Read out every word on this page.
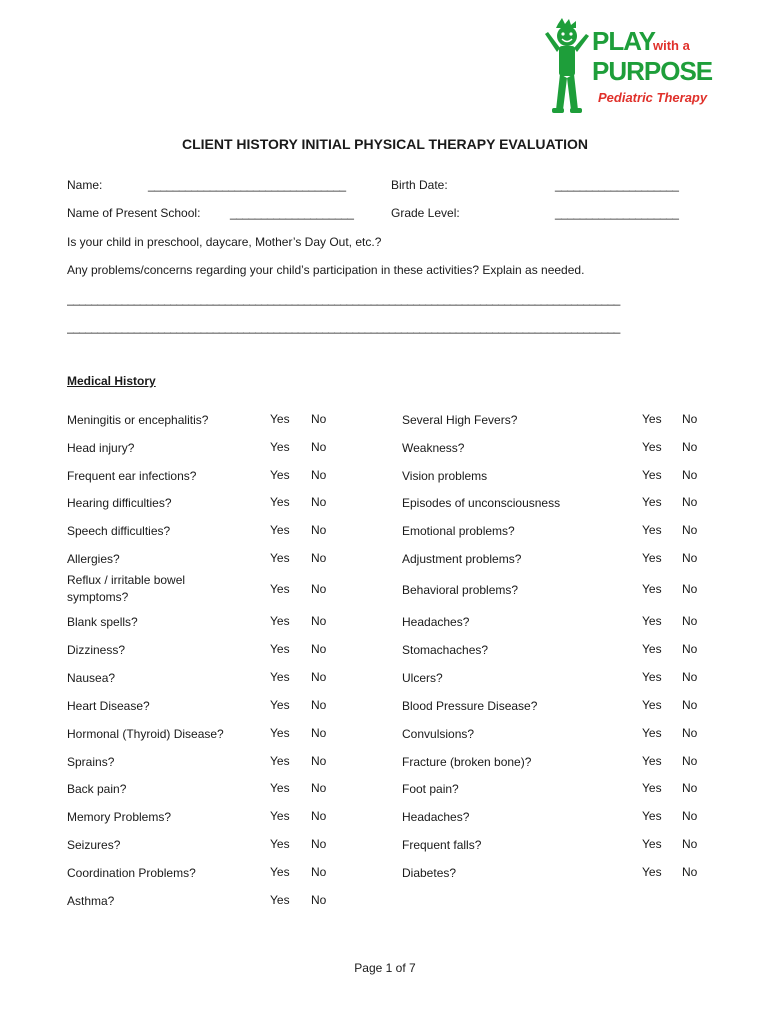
PLAY
with a
PURPOSE
Pediatric Therapy
CLIENT HISTORY INITIAL PHYSICAL THERAPY EVALUATION
Name:	________________________________	Birth Date:	____________________
Name of Present School: ____________________	Grade Level:	____________________
Is your child in preschool, daycare, Mother’s Day Out, etc.?
Any problems/concerns regarding your child’s participation in these activities? Explain as needed.
___________________________________________________________________________________________
___________________________________________________________________________________________
Medical History
Meningitis or encephalitis?	Yes No
Head injury?	Yes No
Frequent ear infections?	Yes No
Hearing difficulties?	Yes No
Speech difficulties?	Yes No
Allergies?	Yes No
Reflux / irritable bowel symptoms?
Yes No
Blank spells?	Yes No
Dizziness?	Yes No
Nausea?	Yes No
Heart Disease?	Yes No
Hormonal (Thyroid) Disease?	Yes No
Sprains?	Yes No
Back pain?	Yes No
Memory Problems?	Yes No
Seizures?	Yes No
Coordination Problems?	Yes No
Asthma?	Yes No
Several High Fevers?	Yes No
Weakness?	Yes No
Vision problems	Yes No
Episodes of unconsciousness	Yes No
Emotional problems?	Yes No
Adjustment problems?	Yes No
Behavioral problems?	Yes No
Headaches?	Yes No
Stomachaches?	Yes No
Ulcers?	Yes No
Blood Pressure Disease?	Yes No
Convulsions?	Yes No
Fracture (broken bone)?	Yes No
Foot pain?	Yes No
Headaches?	Yes No
Frequent falls?	Yes No
Diabetes?	Yes No
Page 1 of 7
